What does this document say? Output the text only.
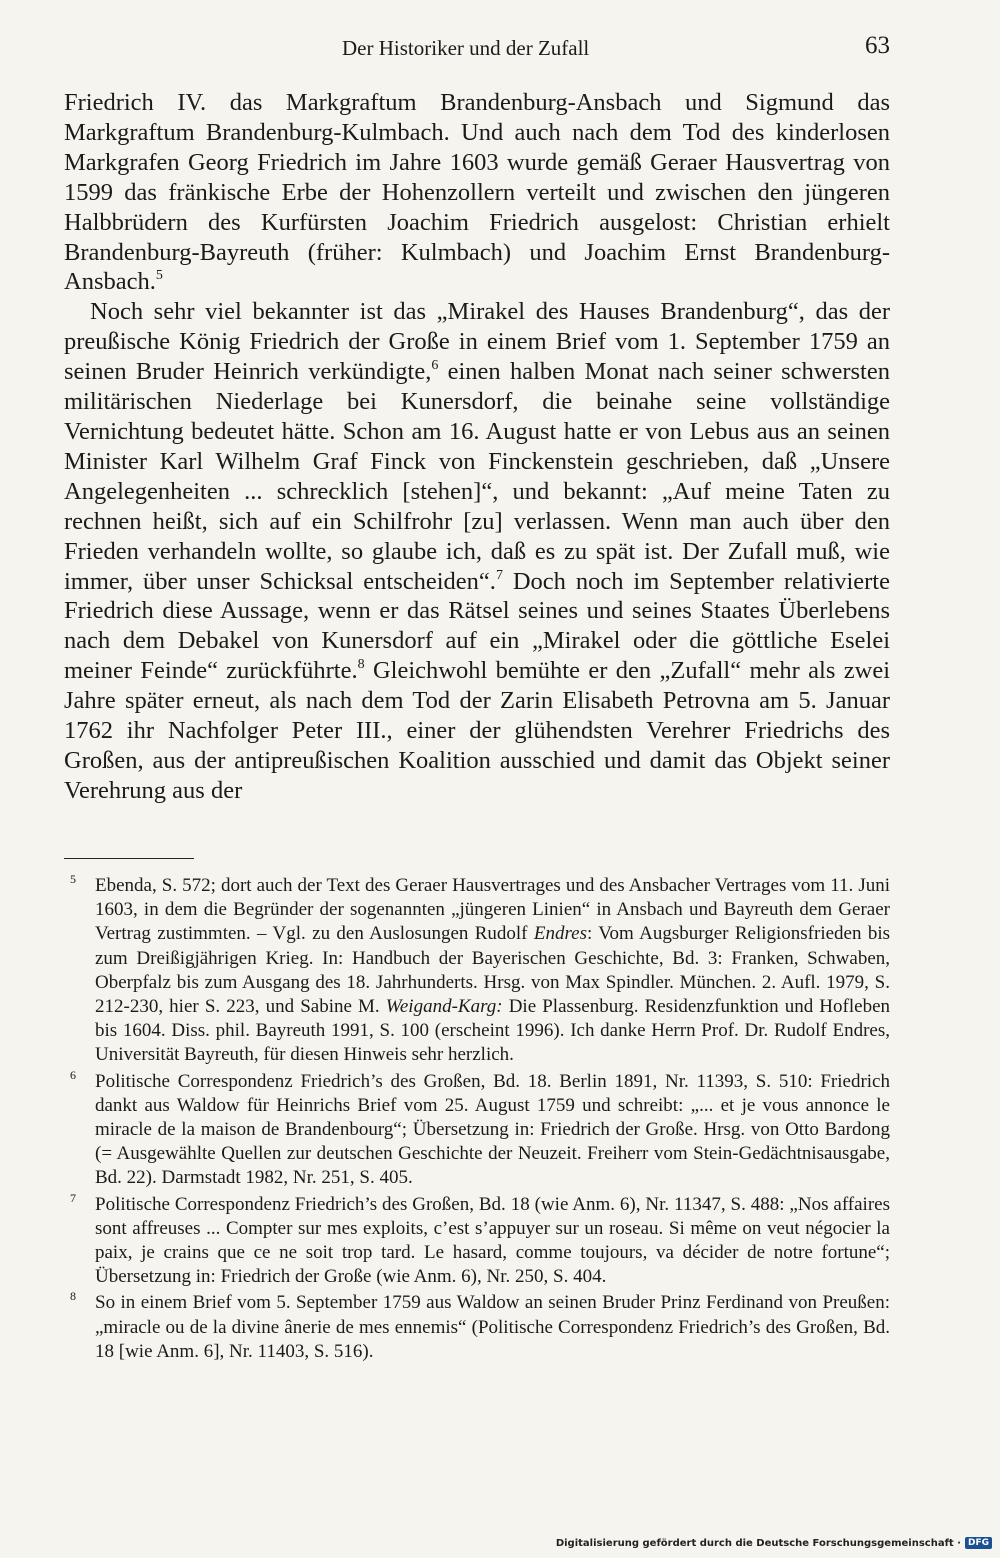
Der Historiker und der Zufall	63

Friedrich IV. das Markgraftum Brandenburg-Ansbach und Sigmund das Markgraftum Brandenburg-Kulmbach. Und auch nach dem Tod des kinderlosen Markgrafen Georg Friedrich im Jahre 1603 wurde gemäß Geraer Hausvertrag von 1599 das fränkische Erbe der Hohenzollern verteilt und zwischen den jüngeren Halbbrüdern des Kurfürsten Joachim Friedrich ausgelost: Christian erhielt Brandenburg-Bayreuth (früher: Kulmbach) und Joachim Ernst Brandenburg-Ansbach.$^5$

Noch sehr viel bekannter ist das „Mirakel des Hauses Brandenburg“, das der preußische König Friedrich der Große in einem Brief vom 1. September 1759 an seinen Bruder Heinrich verkündigte,$^6$ einen halben Monat nach seiner schwersten militärischen Niederlage bei Kunersdorf, die beinahe seine vollständige Vernichtung bedeutet hätte. Schon am 16. August hatte er von Lebus aus an seinen Minister Karl Wilhelm Graf Finck von Finckenstein geschrieben, daß „Unsere Angelegenheiten ... schrecklich [stehen]“, und bekannt: „Auf meine Taten zu rechnen heißt, sich auf ein Schilfrohr [zu] verlassen. Wenn man auch über den Frieden verhandeln wollte, so glaube ich, daß es zu spät ist. Der Zufall muß, wie immer, über unser Schicksal entscheiden“.$^7$ Doch noch im September relativierte Friedrich diese Aussage, wenn er das Rätsel seines und seines Staates Überlebens nach dem Debakel von Kunersdorf auf ein „Mirakel oder die göttliche Eselei meiner Feinde“ zurückführte.$^8$ Gleichwohl bemühte er den „Zufall“ mehr als zwei Jahre später erneut, als nach dem Tod der Zarin Elisabeth Petrovna am 5. Januar 1762 ihr Nachfolger Peter III., einer der glühendsten Verehrer Friedrichs des Großen, aus der antipreußischen Koalition ausschied und damit das Objekt seiner Verehrung aus der

5 Ebenda, S. 572; dort auch der Text des Geraer Hausvertrages und des Ansbacher Vertrages vom 11. Juni 1603, in dem die Begründer der sogenannten „jüngeren Linien“ in Ansbach und Bayreuth dem Geraer Vertrag zustimmten. – Vgl. zu den Auslosungen Rudolf Endres: Vom Augsburger Religionsfrieden bis zum Dreißigjährigen Krieg. In: Handbuch der Bayerischen Geschichte, Bd. 3: Franken, Schwaben, Oberpfalz bis zum Ausgang des 18. Jahrhunderts. Hrsg. von Max Spindler. München. 2. Aufl. 1979, S. 212-230, hier S. 223, und Sabine M. Weigand-Karg: Die Plassenburg. Residenzfunktion und Hofleben bis 1604. Diss. phil. Bayreuth 1991, S. 100 (erscheint 1996). Ich danke Herrn Prof. Dr. Rudolf Endres, Universität Bayreuth, für diesen Hinweis sehr herzlich.
6 Politische Correspondenz Friedrich’s des Großen, Bd. 18. Berlin 1891, Nr. 11393, S. 510: Friedrich dankt aus Waldow für Heinrichs Brief vom 25. August 1759 und schreibt: „... et je vous annonce le miracle de la maison de Brandenbourg“; Übersetzung in: Friedrich der Große. Hrsg. von Otto Bardong (= Ausgewählte Quellen zur deutschen Geschichte der Neuzeit. Freiherr vom Stein-Gedächtnisausgabe, Bd. 22). Darmstadt 1982, Nr. 251, S. 405.
7 Politische Correspondenz Friedrich’s des Großen, Bd. 18 (wie Anm. 6), Nr. 11347, S. 488: „Nos affaires sont affreuses ... Compter sur mes exploits, c’est s’appuyer sur un roseau. Si même on veut négocier la paix, je crains que ce ne soit trop tard. Le hasard, comme toujours, va décider de notre fortune“; Übersetzung in: Friedrich der Große (wie Anm. 6), Nr. 250, S. 404.
8 So in einem Brief vom 5. September 1759 aus Waldow an seinen Bruder Prinz Ferdinand von Preußen: „miracle ou de la divine ânerie de mes ennemis“ (Politische Correspondenz Friedrich’s des Großen, Bd. 18 [wie Anm. 6], Nr. 11403, S. 516).
Digitalisierung gefördert durch die Deutsche Forschungsgemeinschaft · DFG
